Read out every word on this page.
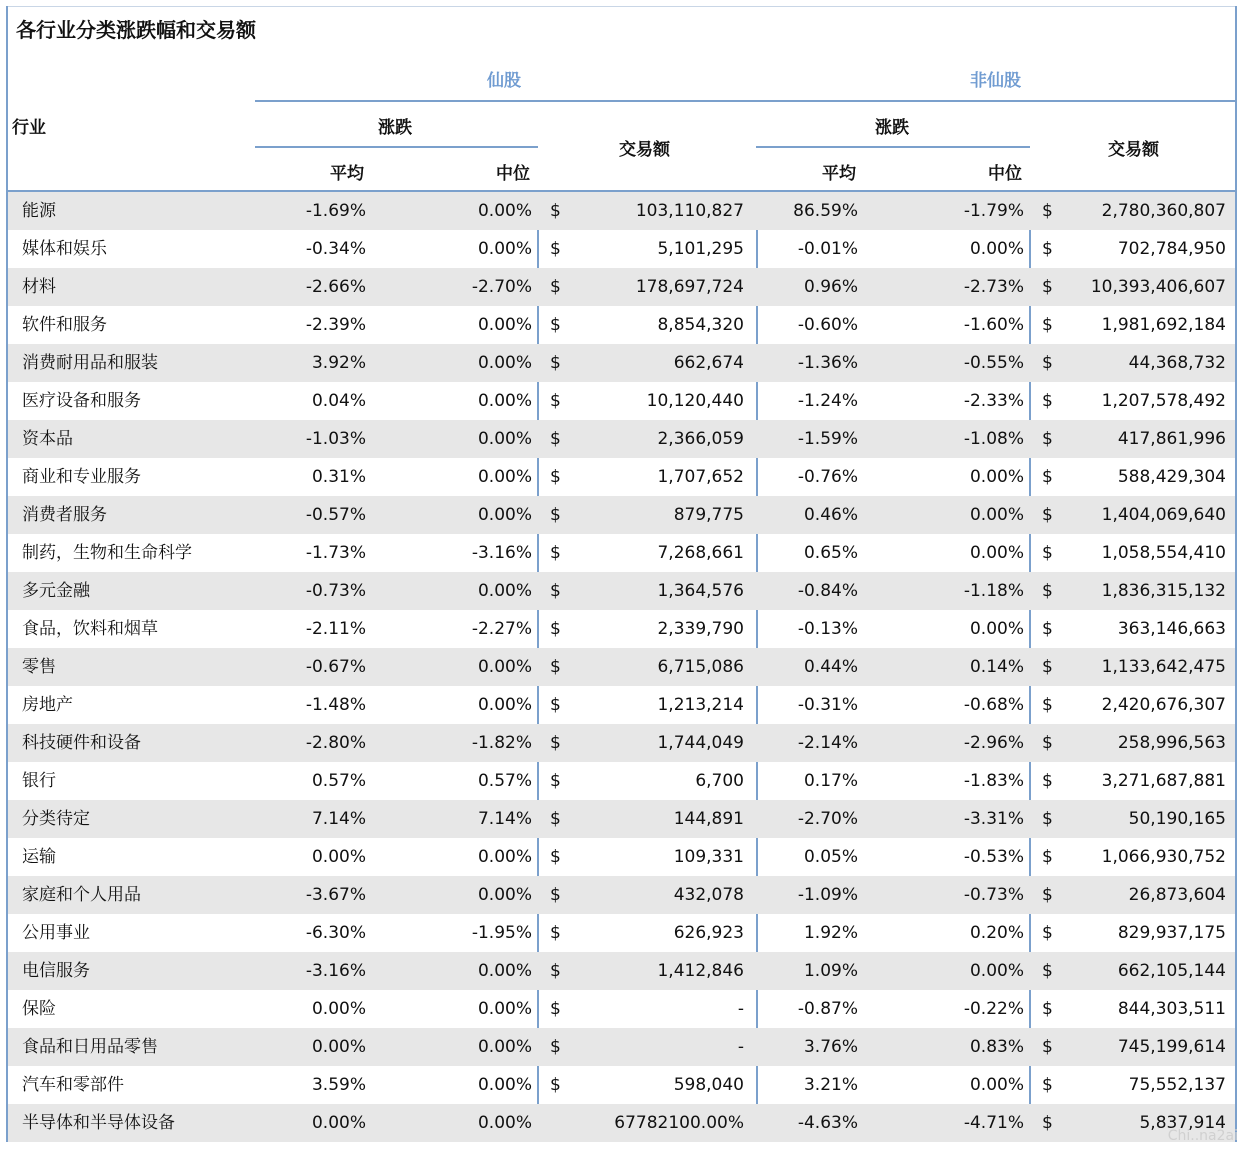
各行业分类涨跌幅和交易额
仙股	非仙股
行业	涨跌
平均	中位
交易额
涨跌
平均	中位
交易额
能源	-1.69%	0.00% $	103,110,827	86.59%	-1.79% $	2,780,360,807
媒体和娱乐	-0.34%	0.00% $	5,101,295	-0.01%	0.00% $	702,784,950
材料	-2.66%	-2.70% $	178,697,724	0.96%	-2.73% $	10,393,406,607
软件和服务	-2.39%	0.00% $	8,854,320	-0.60%	-1.60% $	1,981,692,184
消费耐用品和服装	3.92%	0.00% $	662,674	-1.36%	-0.55% $	44,368,732
医疗设备和服务	0.04%	0.00% $	10,120,440	-1.24%	-2.33% $	1,207,578,492
资本品	-1.03%	0.00% $	2,366,059	-1.59%	-1.08% $	417,861,996
商业和专业服务	0.31%	0.00% $	1,707,652	-0.76%	0.00% $	588,429,304
消费者服务	-0.57%	0.00% $	879,775	0.46%	0.00% $	1,404,069,640
制药，生物和生命科学	-1.73%	-3.16% $	7,268,661	0.65%	0.00% $	1,058,554,410
多元金融	-0.73%	0.00% $	1,364,576	-0.84%	-1.18% $	1,836,315,132
食品，饮料和烟草	-2.11%	-2.27% $	2,339,790	-0.13%	0.00% $	363,146,663
零售	-0.67%	0.00% $	6,715,086	0.44%	0.14% $	1,133,642,475
房地产	-1.48%	0.00% $	1,213,214	-0.31%	-0.68% $	2,420,676,307
科技硬件和设备	-2.80%	-1.82% $	1,744,049	-2.14%	-2.96% $	258,996,563
银行	0.57%	0.57% $	6,700	0.17%	-1.83% $	3,271,687,881
分类待定	7.14%	7.14% $	144,891	-2.70%	-3.31% $	50,190,165
运输	0.00%	0.00% $	109,331	0.05%	-0.53% $	1,066,930,752
家庭和个人用品	-3.67%	0.00% $	432,078	-1.09%	-0.73% $	26,873,604
公用事业	-6.30%	-1.95% $	626,923	1.92%	0.20% $	829,937,175
电信服务	-3.16%	0.00% $	1,412,846	1.09%	0.00% $	662,105,144
保险	0.00%	0.00% $	-	-0.87%	-0.22% $	844,303,511
食品和日用品零售	0.00%	0.00% $	-	3.76%	0.83% $	745,199,614
汽车和零部件	3.59%	0.00% $	598,040	3.21%	0.00% $	75,552,137
半导体和半导体设备	0.00%	0.00%	67782100.00%	-4.63%	-4.71% $	5,837,914
Chi..na2ai
